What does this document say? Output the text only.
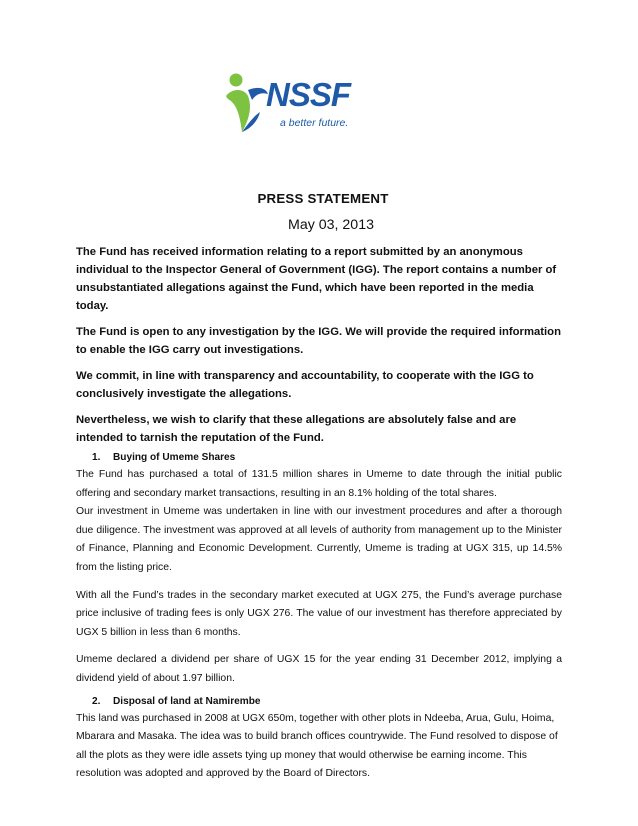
NSSF
a better future.
PRESS STATEMENT
May 03, 2013

The Fund has received information relating to a report submitted by an anonymous individual to the Inspector General of Government (IGG). The report contains a number of unsubstantiated allegations against the Fund, which have been reported in the media today.

The Fund is open to any investigation by the IGG. We will provide the required information to enable the IGG carry out investigations.

We commit, in line with transparency and accountability, to cooperate with the IGG to conclusively investigate the allegations.

Nevertheless, we wish to clarify that these allegations are absolutely false and are intended to tarnish the reputation of the Fund.

1. Buying of Umeme Shares

The Fund has purchased a total of 131.5 million shares in Umeme to date through the initial public offering and secondary market transactions, resulting in an 8.1% holding of the total shares.

Our investment in Umeme was undertaken in line with our investment procedures and after a thorough due diligence. The investment was approved at all levels of authority from management up to the Minister of Finance, Planning and Economic Development. Currently, Umeme is trading at UGX 315, up 14.5% from the listing price.

With all the Fund’s trades in the secondary market executed at UGX 275, the Fund’s average purchase price inclusive of trading fees is only UGX 276. The value of our investment has therefore appreciated by UGX 5 billion in less than 6 months.

Umeme declared a dividend per share of UGX 15 for the year ending 31 December 2012, implying a dividend yield of about 1.97 billion.

2. Disposal of land at Namirembe

This land was purchased in 2008 at UGX 650m, together with other plots in Ndeeba, Arua, Gulu, Hoima, Mbarara and Masaka. The idea was to build branch offices countrywide. The Fund resolved to dispose of all the plots as they were idle assets tying up money that would otherwise be earning income. This resolution was adopted and approved by the Board of Directors.
